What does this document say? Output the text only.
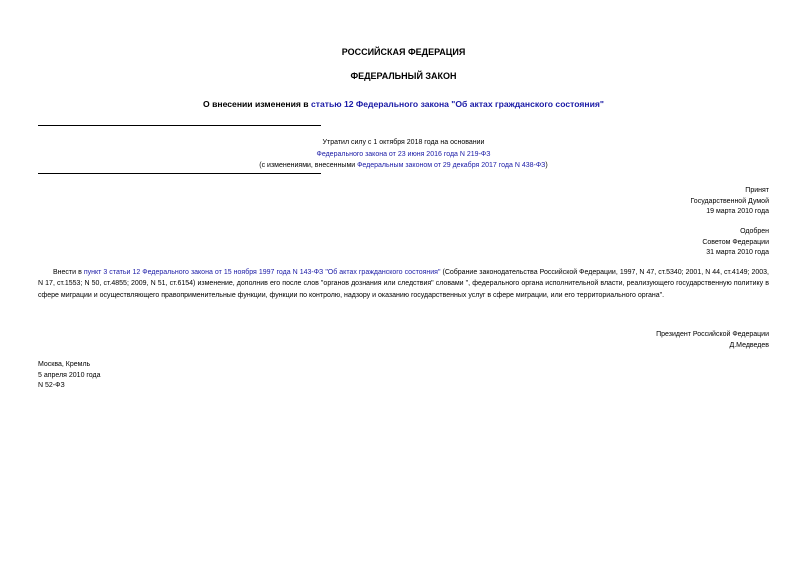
РОССИЙСКАЯ ФЕДЕРАЦИЯ
ФЕДЕРАЛЬНЫЙ ЗАКОН
О внесении изменения в статью 12 Федерального закона "Об актах гражданского состояния"
Утратил силу с 1 октября 2018 года на основании
Федерального закона от 23 июня 2016 года N 219-ФЗ
(с изменениями, внесенными Федеральным законом от 29 декабря 2017 года N 438-ФЗ)
Принят
Государственной Думой
19 марта 2010 года
Одобрен
Советом Федерации
31 марта 2010 года
Внести в пункт 3 статьи 12 Федерального закона от 15 ноября 1997 года N 143-ФЗ "Об актах гражданского состояния" (Собрание законодательства Российской Федерации, 1997, N 47, ст.5340; 2001, N 44, ст.4149; 2003, N 17, ст.1553; N 50, ст.4855; 2009, N 51, ст.6154) изменение, дополнив его после слов "органов дознания или следствия" словами ", федерального органа исполнительной власти, реализующего государственную политику в сфере миграции и осуществляющего правоприменительные функции, функции по контролю, надзору и оказанию государственных услуг в сфере миграции, или его территориального органа".
Президент Российской Федерации
Д.Медведев
Москва, Кремль
5 апреля 2010 года
N 52-ФЗ
